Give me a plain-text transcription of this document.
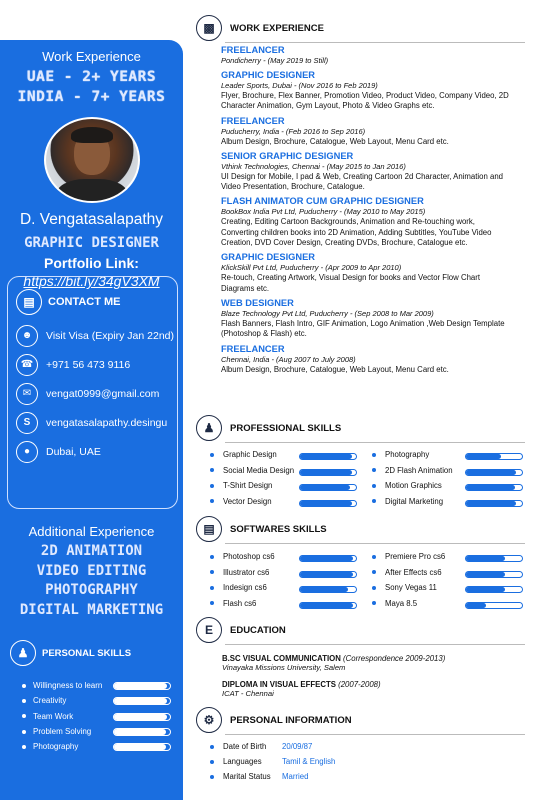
Work Experience
UAE - 2+ YEARS
INDIA - 7+ YEARS
D. Vengatasalapathy
GRAPHIC DESIGNER
Portfolio Link:
https://bit.ly/34gV3XM
▤	CONTACT ME
☻	Visit Visa (Expiry Jan 22nd)
☎	+971 56 473 9116
✉	vengat0999@gmail.com
S	vengatasalapathy.desingu
●	Dubai, UAE
Additional Experience
2D ANIMATION
VIDEO EDITING
PHOTOGRAPHY
DIGITAL MARKETING
♟	PERSONAL SKILLS
Willingness to learn
Creativity
Team Work
Problem Solving
Photography
▩	WORK EXPERIENCE
FREELANCER
Pondicherry - (May 2019 to Still)
GRAPHIC DESIGNER
Leader Sports, Dubai - (Nov 2016 to Feb 2019)
Flyer, Brochure, Flex Banner, Promotion Video, Product Video, Company Video, 2D Character Animation, Gym Layout, Photo & Video Graphs etc.
FREELANCER
Puducherry, India - (Feb 2016 to Sep 2016)
Album Design, Brochure, Catalogue, Web Layout, Menu Card etc.
SENIOR GRAPHIC DESIGNER
Vthink Technologies, Chennai - (May 2015 to Jan 2016)
UI Design for Mobile, I pad & Web, Creating Cartoon 2d Character, Animation and Video Presentation, Brochure, Catalogue.
FLASH ANIMATOR CUM GRAPHIC DESIGNER
BookBox India Pvt Ltd, Puducherry - (May 2010 to May 2015)
Creating, Editing Cartoon Backgrounds, Animation and Re-touching work, Converting children books into 2D Animation, Adding Subtitles, YouTube Video Creation, DVD Cover Design, Creating DVDs, Brochure, Catalogue etc.
GRAPHIC DESIGNER
KlickSkill Pvt Ltd, Puducherry - (Apr 2009 to Apr 2010)
Re-touch, Creating Artwork, Visual Design for books and Vector Flow Chart Diagrams etc.
WEB DESIGNER
Blaze Technology Pvt Ltd, Puducherry - (Sep 2008 to Mar 2009)
Flash Banners, Flash Intro, GIF Animation, Logo Animation ,Web Design Template (Photoshop & Flash) etc.
FREELANCER
Chennai, India - (Aug 2007 to July 2008)
Album Design, Brochure, Catalogue, Web Layout, Menu Card etc.
♟	PROFESSIONAL SKILLS
Graphic Design
Social Media Design
T-Shirt Design
Vector Design
Photography
2D Flash Animation
Motion Graphics
Digital Marketing
▤	SOFTWARES SKILLS
Photoshop cs6
Illustrator cs6
Indesign cs6
Flash cs6
Premiere Pro cs6
After Effects cs6
Sony Vegas 11
Maya 8.5
E	EDUCATION
B.SC VISUAL COMMUNICATION (Correspondence 2009-2013)
Vinayaka Missions University, Salem
DIPLOMA IN VISUAL EFFECTS (2007-2008)
ICAT - Chennai
⚙	PERSONAL INFORMATION
Date of Birth 20/09/87
Languages	Tamil & English
Marital Status Married
